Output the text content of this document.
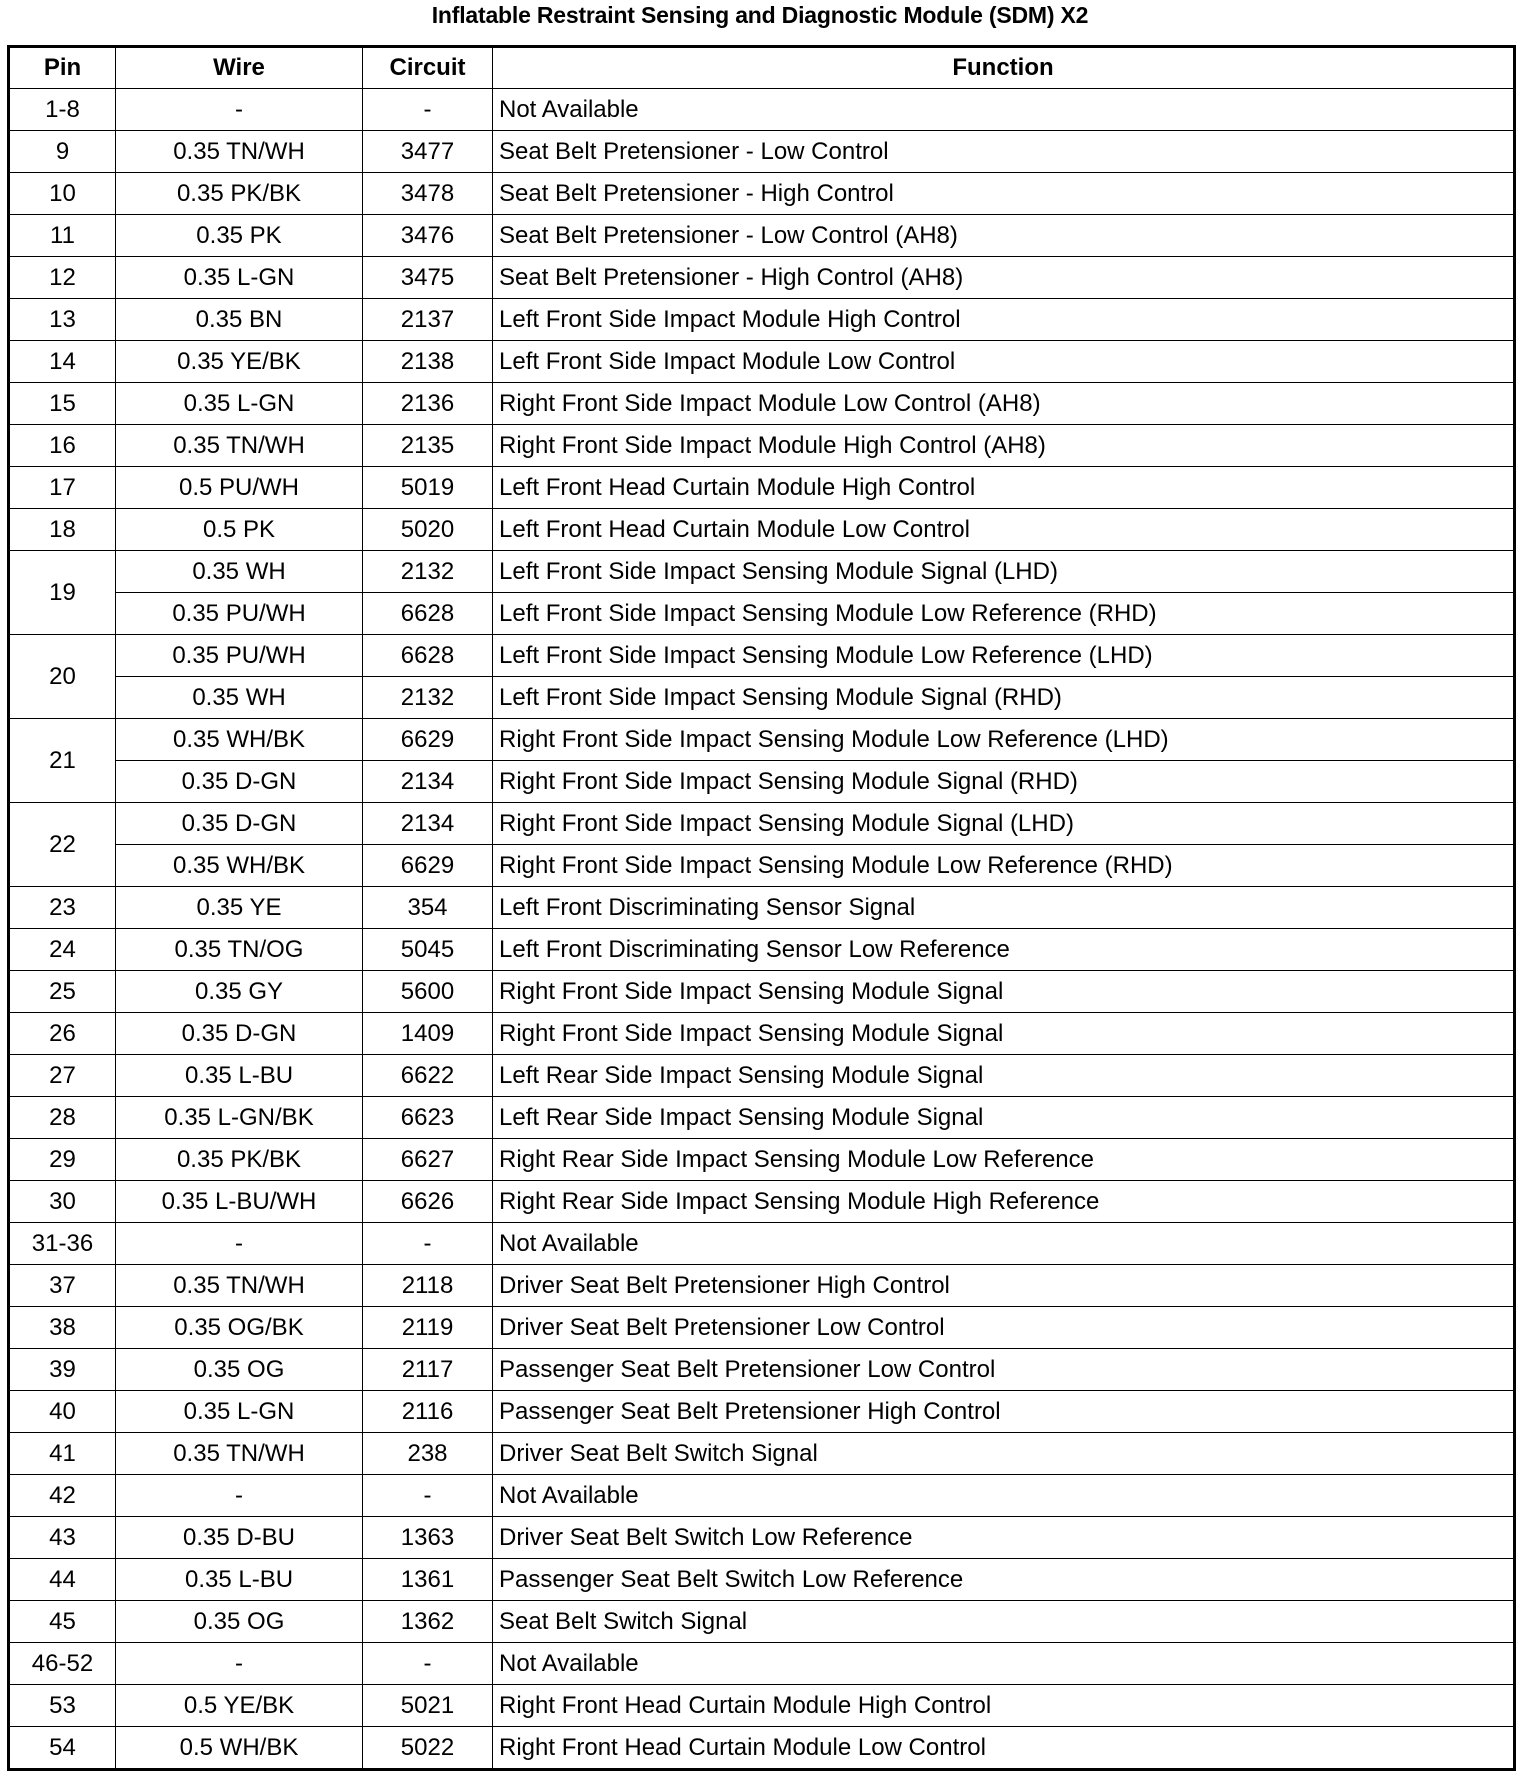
Inflatable Restraint Sensing and Diagnostic Module (SDM) X2
Pin	Wire	Circuit	Function
1-8	-	-	Not Available
9	0.35 TN/WH	3477	Seat Belt Pretensioner - Low Control
10	0.35 PK/BK	3478	Seat Belt Pretensioner - High Control
11	0.35 PK	3476	Seat Belt Pretensioner - Low Control (AH8)
12	0.35 L-GN	3475	Seat Belt Pretensioner - High Control (AH8)
13	0.35 BN	2137	Left Front Side Impact Module High Control
14	0.35 YE/BK	2138	Left Front Side Impact Module Low Control
15	0.35 L-GN	2136	Right Front Side Impact Module Low Control (AH8)
16	0.35 TN/WH	2135	Right Front Side Impact Module High Control (AH8)
17	0.5 PU/WH	5019	Left Front Head Curtain Module High Control
18	0.5 PK	5020	Left Front Head Curtain Module Low Control
19	0.35 WH	2132	Left Front Side Impact Sensing Module Signal (LHD)
	0.35 PU/WH	6628	Left Front Side Impact Sensing Module Low Reference (RHD)
20	0.35 PU/WH	6628	Left Front Side Impact Sensing Module Low Reference (LHD)
	0.35 WH	2132	Left Front Side Impact Sensing Module Signal (RHD)
21	0.35 WH/BK	6629	Right Front Side Impact Sensing Module Low Reference (LHD)
	0.35 D-GN	2134	Right Front Side Impact Sensing Module Signal (RHD)
22	0.35 D-GN	2134	Right Front Side Impact Sensing Module Signal (LHD)
	0.35 WH/BK	6629	Right Front Side Impact Sensing Module Low Reference (RHD)
23	0.35 YE	354	Left Front Discriminating Sensor Signal
24	0.35 TN/OG	5045	Left Front Discriminating Sensor Low Reference
25	0.35 GY	5600	Right Front Side Impact Sensing Module Signal
26	0.35 D-GN	1409	Right Front Side Impact Sensing Module Signal
27	0.35 L-BU	6622	Left Rear Side Impact Sensing Module Signal
28	0.35 L-GN/BK	6623	Left Rear Side Impact Sensing Module Signal
29	0.35 PK/BK	6627	Right Rear Side Impact Sensing Module Low Reference
30	0.35 L-BU/WH	6626	Right Rear Side Impact Sensing Module High Reference
31-36	-	-	Not Available
37	0.35 TN/WH	2118	Driver Seat Belt Pretensioner High Control
38	0.35 OG/BK	2119	Driver Seat Belt Pretensioner Low Control
39	0.35 OG	2117	Passenger Seat Belt Pretensioner Low Control
40	0.35 L-GN	2116	Passenger Seat Belt Pretensioner High Control
41	0.35 TN/WH	238	Driver Seat Belt Switch Signal
42	-	-	Not Available
43	0.35 D-BU	1363	Driver Seat Belt Switch Low Reference
44	0.35 L-BU	1361	Passenger Seat Belt Switch Low Reference
45	0.35 OG	1362	Seat Belt Switch Signal
46-52	-	-	Not Available
53	0.5 YE/BK	5021	Right Front Head Curtain Module High Control
54	0.5 WH/BK	5022	Right Front Head Curtain Module Low Control
